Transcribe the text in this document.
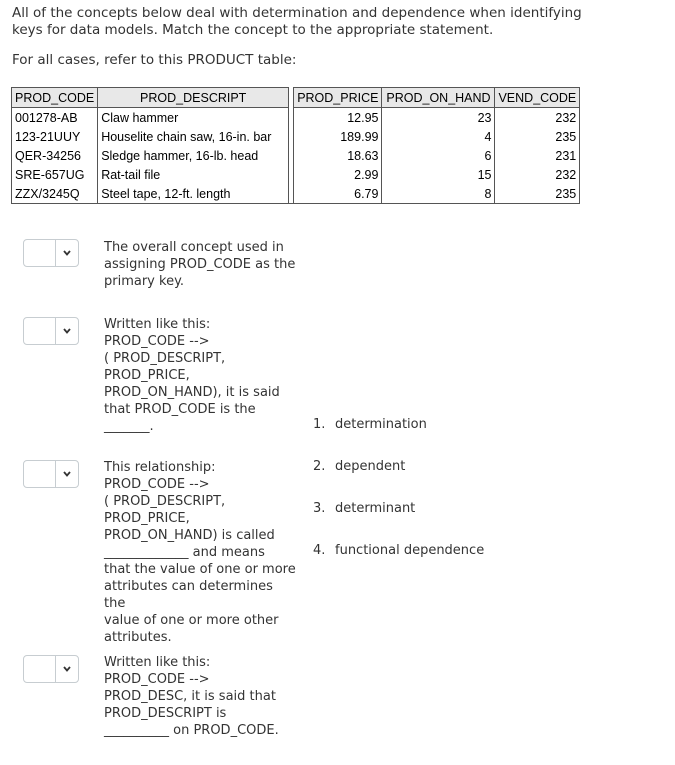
All of the concepts below deal with determination and dependence when identifying keys for data models. Match the concept to the appropriate statement.
For all cases, refer to this PRODUCT table:
PROD_CODE	PROD_DESCRIPT		PROD_PRICE	PROD_ON_HAND	VEND_CODE
001278-AB	Claw hammer		12.95	23	232
123-21UUY	Houselite chain saw, 16-in. bar		189.99	4	235
QER-34256	Sledge hammer, 16-lb. head		18.63	6	231
SRE-657UG	Rat-tail file		2.99	15	232
ZZX/3245Q	Steel tape, 12-ft. length		6.79	8	235
The overall concept used in
assigning PROD_CODE as the
primary key.
Written like this:
PROD_CODE -->
( PROD_DESCRIPT,
PROD_PRICE,
PROD_ON_HAND), it is said
that PROD_CODE is the
_______.
This relationship:
PROD_CODE -->
( PROD_DESCRIPT,
PROD_PRICE,
PROD_ON_HAND) is called
_____________ and means
that the value of one or more
attributes can determines the
value of one or more other
attributes.
Written like this:
PROD_CODE -->
PROD_DESC, it is said that
PROD_DESCRIPT is
__________ on PROD_CODE.
1. determination
2. dependent
3. determinant
4. functional dependence
